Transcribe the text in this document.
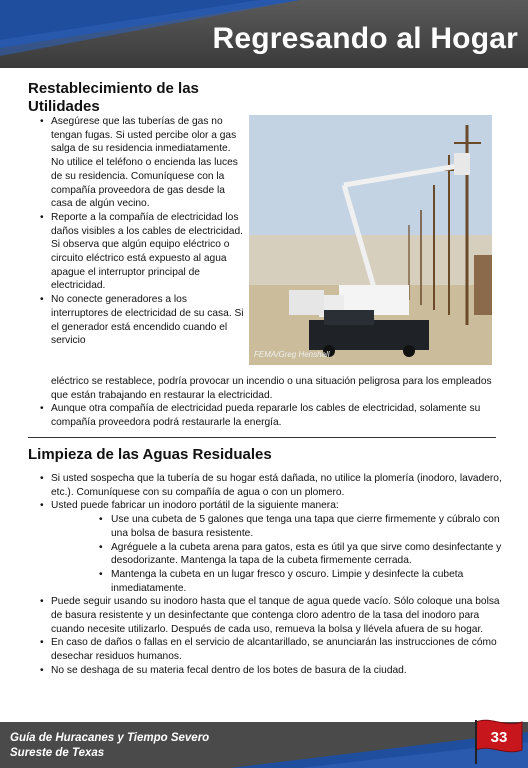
Regresando al Hogar
Restablecimiento de las Utilidades
FEMA/Greg Henshall
• Asegúrese que las tuberías de gas no tengan fugas. Si usted percibe olor a gas salga de su residencia inmediatamente. No utilice el teléfono o encienda las luces de su residencia. Comuníquese con la compañía proveedora de gas desde la casa de algún vecino.
• Reporte a la compañía de electricidad los daños visibles a los cables de electricidad. Si observa que algún equipo eléctrico o circuito eléctrico está expuesto al agua apague el interruptor principal de electricidad.
• No conecte generadores a los interruptores de electricidad de su casa. Si el generador está encendido cuando el servicio
eléctrico se restablece, podría provocar un incendio o una situación peligrosa para los empleados que están trabajando en restaurar la electricidad.
• Aunque otra compañía de electricidad pueda repararle los cables de electricidad, solamente su compañía proveedora podrá restaurarle la energía.
Limpieza de las Aguas Residuales
• Si usted sospecha que la tubería de su hogar está dañada, no utilice la plomería (inodoro, lavadero, etc.). Comuníquese con su compañía de agua o con un plomero.
• Usted puede fabricar un inodoro portátil de la siguiente manera:
• Use una cubeta de 5 galones que tenga una tapa que cierre firmemente y cúbralo con una bolsa de basura resistente.
• Agréguele a la cubeta arena para gatos, esta es útil ya que sirve como desinfectante y desodorizante. Mantenga la tapa de la cubeta firmemente cerrada.
• Mantenga la cubeta en un lugar fresco y oscuro. Limpie y desinfecte la cubeta inmediatamente.
• Puede seguir usando su inodoro hasta que el tanque de agua quede vacío. Sólo coloque una bolsa de basura resistente y un desinfectante que contenga cloro adentro de la tasa del inodoro para cuando necesite utilizarlo. Después de cada uso, remueva la bolsa y llévela afuera de su hogar.
• En caso de daños o fallas en el servicio de alcantarillado, se anunciarán las instrucciones de cómo desechar residuos humanos.
• No se deshaga de su materia fecal dentro de los botes de basura de la ciudad.
Guía de Huracanes y Tiempo Severo
Sureste de Texas
33
